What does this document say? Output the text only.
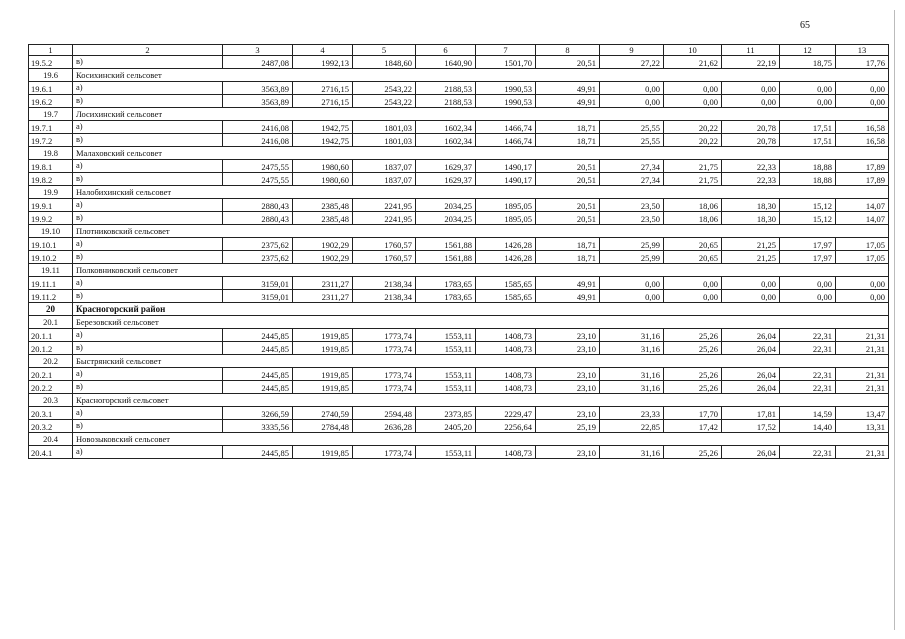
65
1	2	3	4	5	6	7	8	9	10	11	12	13
19.5.2	в)	2487,08	1992,13	1848,60	1640,90	1501,70	20,51	27,22	21,62	22,19	18,75	17,76
19.6	Косихинский сельсовет											
19.6.1	а)	3563,89	2716,15	2543,22	2188,53	1990,53	49,91	0,00	0,00	0,00	0,00	0,00
19.6.2	в)	3563,89	2716,15	2543,22	2188,53	1990,53	49,91	0,00	0,00	0,00	0,00	0,00
19.7	Лосихинский сельсовет											
19.7.1	а)	2416,08	1942,75	1801,03	1602,34	1466,74	18,71	25,55	20,22	20,78	17,51	16,58
19.7.2	в)	2416,08	1942,75	1801,03	1602,34	1466,74	18,71	25,55	20,22	20,78	17,51	16,58
19.8	Малаховский сельсовет											
19.8.1	а)	2475,55	1980,60	1837,07	1629,37	1490,17	20,51	27,34	21,75	22,33	18,88	17,89
19.8.2	в)	2475,55	1980,60	1837,07	1629,37	1490,17	20,51	27,34	21,75	22,33	18,88	17,89
19.9	Налобихинский сельсовет											
19.9.1	а)	2880,43	2385,48	2241,95	2034,25	1895,05	20,51	23,50	18,06	18,30	15,12	14,07
19.9.2	в)	2880,43	2385,48	2241,95	2034,25	1895,05	20,51	23,50	18,06	18,30	15,12	14,07
19.10	Плотниковский сельсовет											
19.10.1	а)	2375,62	1902,29	1760,57	1561,88	1426,28	18,71	25,99	20,65	21,25	17,97	17,05
19.10.2	в)	2375,62	1902,29	1760,57	1561,88	1426,28	18,71	25,99	20,65	21,25	17,97	17,05
19.11	Полковниковский сельсовет											
19.11.1	а)	3159,01	2311,27	2138,34	1783,65	1585,65	49,91	0,00	0,00	0,00	0,00	0,00
19.11.2	в)	3159,01	2311,27	2138,34	1783,65	1585,65	49,91	0,00	0,00	0,00	0,00	0,00
20	Красногорский район											
20.1	Березовский сельсовет											
20.1.1	а)	2445,85	1919,85	1773,74	1553,11	1408,73	23,10	31,16	25,26	26,04	22,31	21,31
20.1.2	в)	2445,85	1919,85	1773,74	1553,11	1408,73	23,10	31,16	25,26	26,04	22,31	21,31
20.2	Быстрянский сельсовет											
20.2.1	а)	2445,85	1919,85	1773,74	1553,11	1408,73	23,10	31,16	25,26	26,04	22,31	21,31
20.2.2	в)	2445,85	1919,85	1773,74	1553,11	1408,73	23,10	31,16	25,26	26,04	22,31	21,31
20.3	Красногорский сельсовет											
20.3.1	а)	3266,59	2740,59	2594,48	2373,85	2229,47	23,10	23,33	17,70	17,81	14,59	13,47
20.3.2	в)	3335,56	2784,48	2636,28	2405,20	2256,64	25,19	22,85	17,42	17,52	14,40	13,31
20.4	Новозыковский сельсовет											
20.4.1	а)	2445,85	1919,85	1773,74	1553,11	1408,73	23,10	31,16	25,26	26,04	22,31	21,31
